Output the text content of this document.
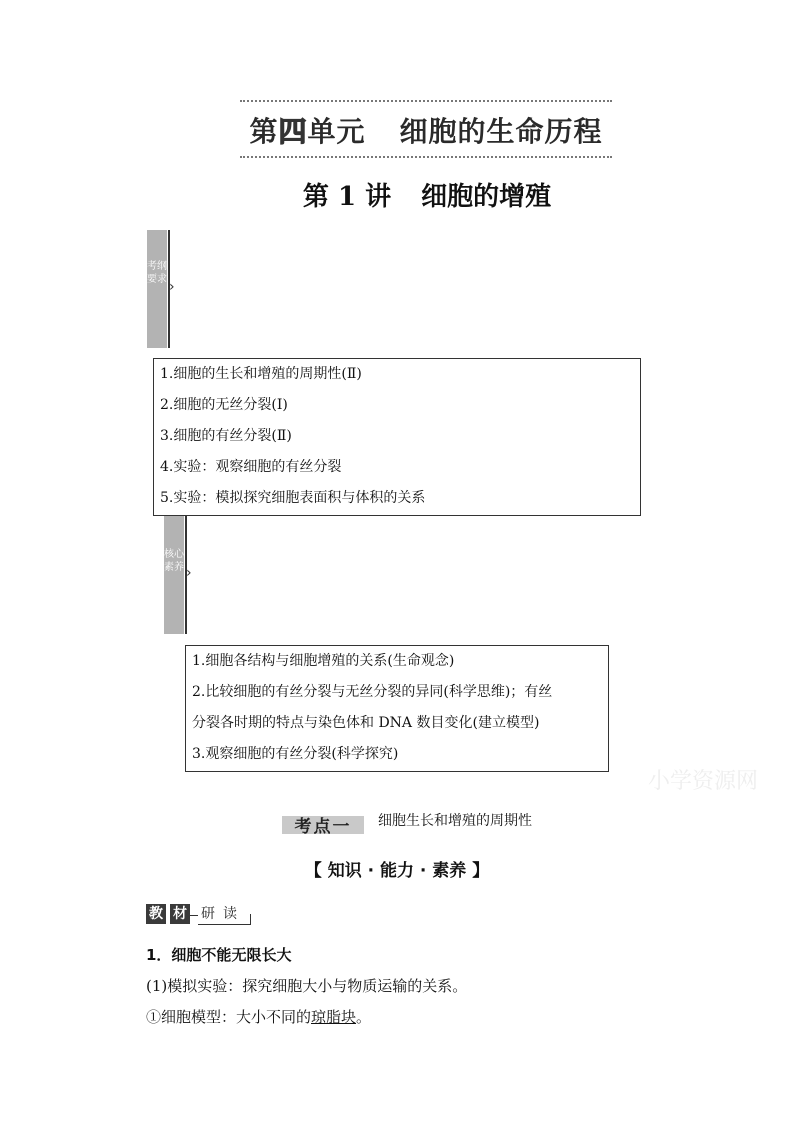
第四单元 细胞的生命历程
第 1 讲 细胞的增殖
考纲要求 ›
1.细胞的生长和增殖的周期性(Ⅱ)
2.细胞的无丝分裂(Ⅰ)
3.细胞的有丝分裂(Ⅱ)
4.实验：观察细胞的有丝分裂
5.实验：模拟探究细胞表面积与体积的关系
核心素养 ›
1.细胞各结构与细胞增殖的关系(生命观念)
2.比较细胞的有丝分裂与无丝分裂的异同(科学思维)；有丝
分裂各时期的特点与染色体和 DNA 数目变化(建立模型)
3.观察细胞的有丝分裂(科学探究)
小学资源网
考点一	细胞生长和增殖的周期性
【 知识 · 能力 · 素养 】
教 材 研 读
1．细胞不能无限长大
(1)模拟实验：探究细胞大小与物质运输的关系。
①细胞模型：大小不同的琼脂块。
